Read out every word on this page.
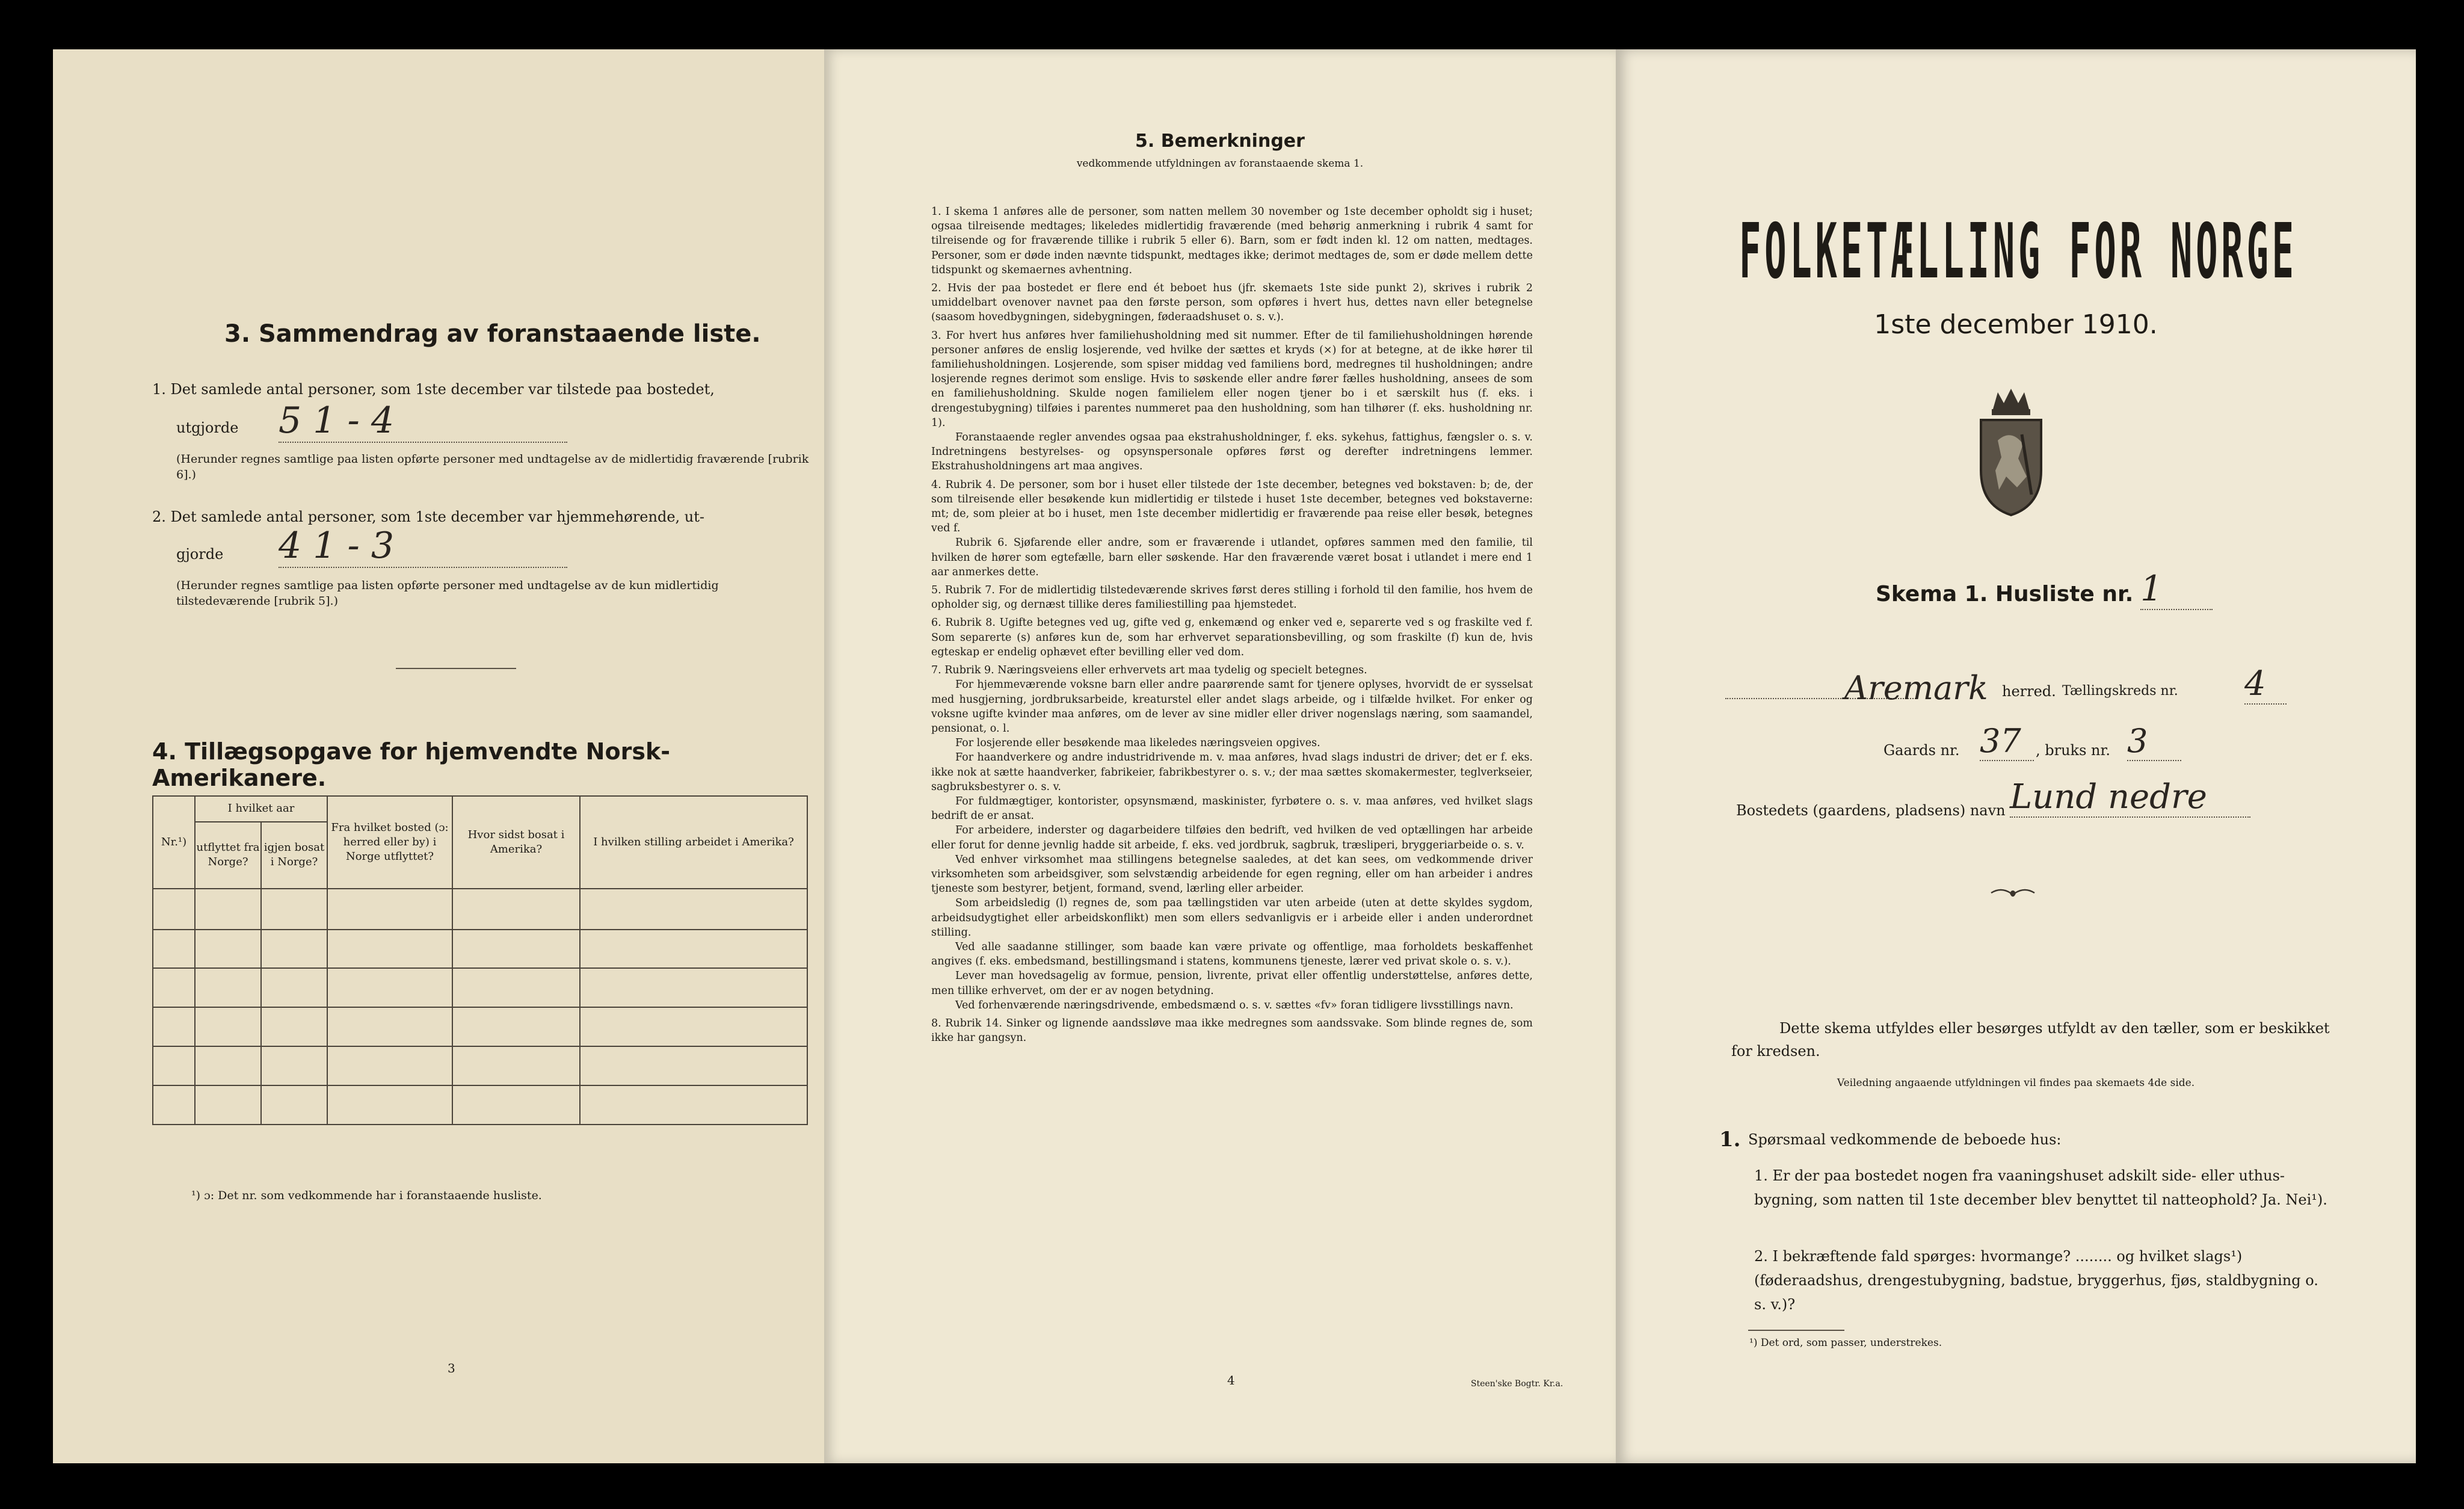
3. Sammendrag av foranstaaende liste.
1. Det samlede antal personer, som 1ste december var tilstede paa bostedet,
utgjorde 5 1 - 4
(Herunder regnes samtlige paa listen opførte personer med undtagelse av de midlertidig fraværende [rubrik 6].)
2. Det samlede antal personer, som 1ste december var hjemmehørende, ut-
gjorde 4 1 - 3
(Herunder regnes samtlige paa listen opførte personer med undtagelse av de kun midlertidig tilstedeværende [rubrik 5].)
4. Tillægsopgave for hjemvendte Norsk-Amerikanere.
Nr.¹)	I hvilket aar		Fra hvilket bosted (ɔ: herred eller by) i Norge utflyttet?	Hvor sidst bosat i Amerika?	I hvilken stilling arbeidet i Amerika?
	utflyttet fra Norge?	igjen bosat i Norge?			

¹) ɔ: Det nr. som vedkommende har i foranstaaende husliste.
3
5. Bemerkninger
vedkommende utfyldningen av foranstaaende skema 1.

1. I skema 1 anføres alle de personer, som natten mellem 30 november og 1ste december opholdt sig i huset; ogsaa tilreisende medtages; likeledes midlertidig fraværende (med behørig anmerkning i rubrik 4 samt for tilreisende og for fraværende tillike i rubrik 5 eller 6). Barn, som er født inden kl. 12 om natten, medtages. Personer, som er døde inden nævnte tidspunkt, medtages ikke; derimot medtages de, som er døde mellem dette tidspunkt og skemaernes avhentning.

2. Hvis der paa bostedet er flere end ét beboet hus (jfr. skemaets 1ste side punkt 2), skrives i rubrik 2 umiddelbart ovenover navnet paa den første person, som opføres i hvert hus, dettes navn eller betegnelse (saasom hovedbygningen, sidebygningen, føderaadshuset o. s. v.).

3. For hvert hus anføres hver familiehusholdning med sit nummer. Efter de til familiehusholdningen hørende personer anføres de enslig losjerende, ved hvilke der sættes et kryds (×) for at betegne, at de ikke hører til familiehusholdningen. Losjerende, som spiser middag ved familiens bord, medregnes til husholdningen; andre losjerende regnes derimot som enslige. Hvis to søskende eller andre fører fælles husholdning, ansees de som en familiehusholdning. Skulde nogen familielem eller nogen tjener bo i et særskilt hus (f. eks. i drengestubygning) tilføies i parentes nummeret paa den husholdning, som han tilhører (f. eks. husholdning nr. 1).

Foranstaaende regler anvendes ogsaa paa ekstrahusholdninger, f. eks. sykehus, fattighus, fængsler o. s. v. Indretningens bestyrelses- og opsynspersonale opføres først og derefter indretningens lemmer. Ekstrahusholdningens art maa angives.

4. Rubrik 4. De personer, som bor i huset eller tilstede der 1ste december, betegnes ved bokstaven: b; de, der som tilreisende eller besøkende kun midlertidig er tilstede i huset 1ste december, betegnes ved bokstaverne: mt; de, som pleier at bo i huset, men 1ste december midlertidig er fraværende paa reise eller besøk, betegnes ved f.

Rubrik 6. Sjøfarende eller andre, som er fraværende i utlandet, opføres sammen med den familie, til hvilken de hører som egtefælle, barn eller søskende. Har den fraværende været bosat i utlandet i mere end 1 aar anmerkes dette.

5. Rubrik 7. For de midlertidig tilstedeværende skrives først deres stilling i forhold til den familie, hos hvem de opholder sig, og dernæst tillike deres familiestilling paa hjemstedet.

6. Rubrik 8. Ugifte betegnes ved ug, gifte ved g, enkemænd og enker ved e, separerte ved s og fraskilte ved f. Som separerte (s) anføres kun de, som har erhvervet separationsbevilling, og som fraskilte (f) kun de, hvis egteskap er endelig ophævet efter bevilling eller ved dom.

7. Rubrik 9. Næringsveiens eller erhvervets art maa tydelig og specielt betegnes.

For hjemmeværende voksne barn eller andre paarørende samt for tjenere oplyses, hvorvidt de er sysselsat med husgjerning, jordbruksarbeide, kreaturstel eller andet slags arbeide, og i tilfælde hvilket. For enker og voksne ugifte kvinder maa anføres, om de lever av sine midler eller driver nogenslags næring, som saamandel, pensionat, o. l.

For losjerende eller besøkende maa likeledes næringsveien opgives.

For haandverkere og andre industridrivende m. v. maa anføres, hvad slags industri de driver; det er f. eks. ikke nok at sætte haandverker, fabrikeier, fabrikbestyrer o. s. v.; der maa sættes skomakermester, teglverkseier, sagbruksbestyrer o. s. v.

For fuldmægtiger, kontorister, opsynsmænd, maskinister, fyrbøtere o. s. v. maa anføres, ved hvilket slags bedrift de er ansat.

For arbeidere, inderster og dagarbeidere tilføies den bedrift, ved hvilken de ved optællingen har arbeide eller forut for denne jevnlig hadde sit arbeide, f. eks. ved jordbruk, sagbruk, træsliperi, bryggeriarbeide o. s. v.

Ved enhver virksomhet maa stillingens betegnelse saaledes, at det kan sees, om vedkommende driver virksomheten som arbeidsgiver, som selvstændig arbeidende for egen regning, eller om han arbeider i andres tjeneste som bestyrer, betjent, formand, svend, lærling eller arbeider.

Som arbeidsledig (l) regnes de, som paa tællingstiden var uten arbeide (uten at dette skyldes sygdom, arbeidsudygtighet eller arbeidskonflikt) men som ellers sedvanligvis er i arbeide eller i anden underordnet stilling.

Ved alle saadanne stillinger, som baade kan være private og offentlige, maa forholdets beskaffenhet angives (f. eks. embedsmand, bestillingsmand i statens, kommunens tjeneste, lærer ved privat skole o. s. v.).

Lever man hovedsagelig av formue, pension, livrente, privat eller offentlig understøttelse, anføres dette, men tillike erhvervet, om der er av nogen betydning.

Ved forhenværende næringsdrivende, embedsmænd o. s. v. sættes «fv» foran tidligere livsstillings navn.

8. Rubrik 14. Sinker og lignende aandssløve maa ikke medregnes som aandssvake. Som blinde regnes de, som ikke har gangsyn.

4	Steen'ske Bogtr. Kr.a.
FOLKETÆLLING FOR NORGE
1ste december 1910.
Skema 1. Husliste nr. 1
Aremark herred. Tællingskreds nr. 4
Gaards nr. 37	, bruks nr. 3
Bostedets (gaardens, pladsens) navn Lund nedre
Dette skema utfyldes eller besørges utfyldt av den tæller, som er beskikket for kredsen.
Veiledning angaaende utfyldningen vil findes paa skemaets 4de side.
1. Spørsmaal vedkommende de beboede hus:
1. Er der paa bostedet nogen fra vaaningshuset adskilt side- eller uthus-bygning, som natten til 1ste december blev benyttet til natteophold? Ja. Nei¹).
2. I bekræftende fald spørges: hvormange? ........ og hvilket slags¹) (føderaadshus, drengestubygning, badstue, bryggerhus, fjøs, staldbygning o. s. v.)?
¹) Det ord, som passer, understrekes.
